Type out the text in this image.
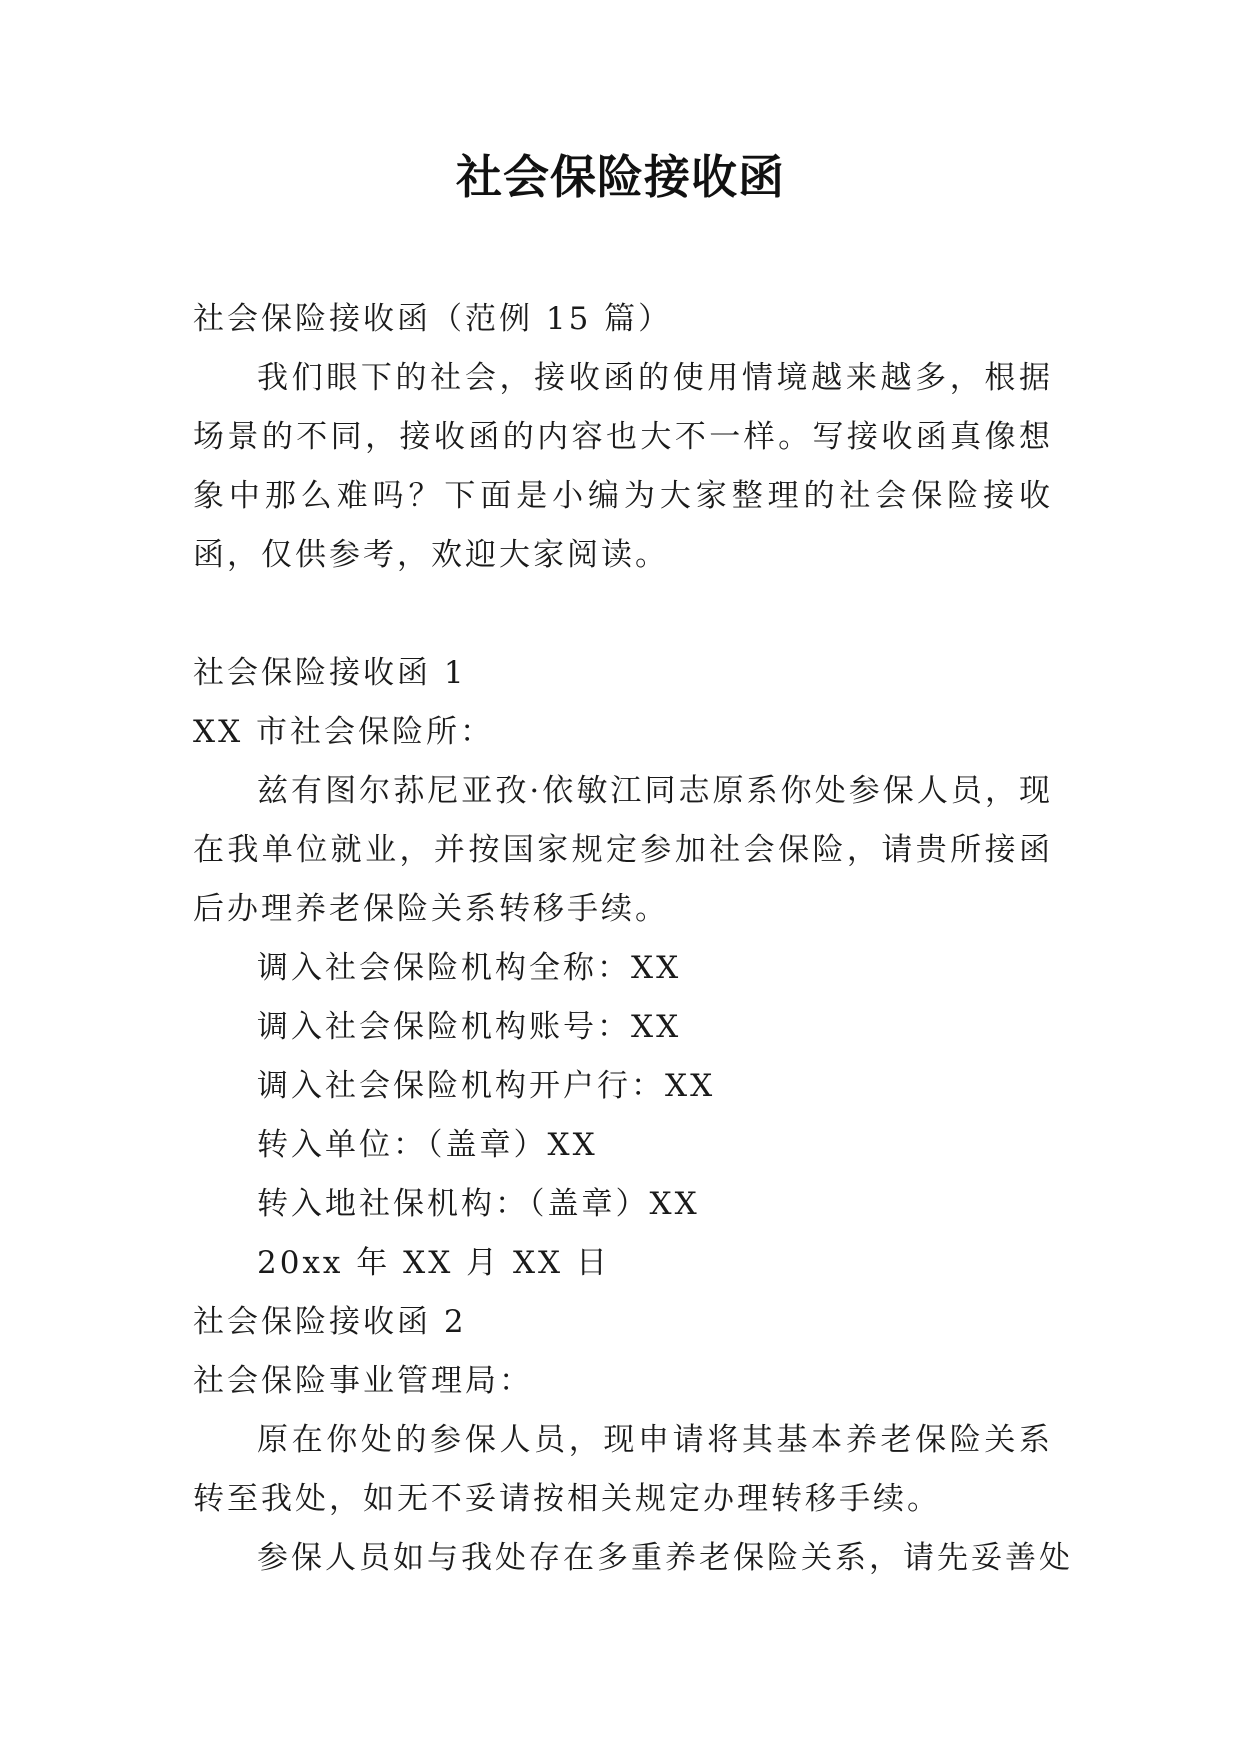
社会保险接收函
社会保险接收函（范例 15 篇）
我们眼下的社会，接收函的使用情境越来越多，根据场景的不同，接收函的内容也大不一样。写接收函真像想象中那么难吗？下面是小编为大家整理的社会保险接收函，仅供参考，欢迎大家阅读。
社会保险接收函 1
XX 市社会保险所：
兹有图尔荪尼亚孜·依敏江同志原系你处参保人员，现在我单位就业，并按国家规定参加社会保险，请贵所接函后办理养老保险关系转移手续。
调入社会保险机构全称：XX
调入社会保险机构账号：XX
调入社会保险机构开户行：XX
转入单位：（盖章）XX
转入地社保机构：（盖章）XX
20xx 年 XX 月 XX 日
社会保险接收函 2
社会保险事业管理局：
原在你处的参保人员，现申请将其基本养老保险关系转至我处，如无不妥请按相关规定办理转移手续。
参保人员如与我处存在多重养老保险关系，请先妥善处
